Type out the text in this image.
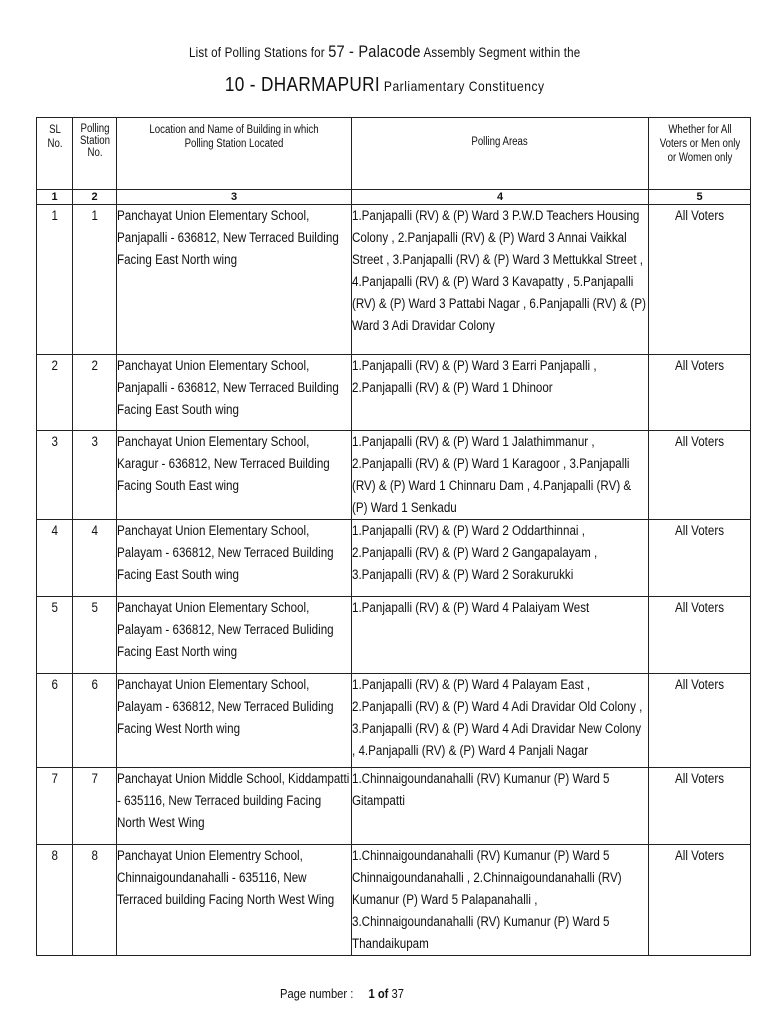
List of Polling Stations for 57 - Palacode Assembly Segment within the
10 - DHARMAPURI Parliamentary Constituency
SL No.	Polling Station No.	Location and Name of Building in which Polling Station Located	Polling Areas	Whether for All Voters or Men only or Women only
1	2	3	4	5
1	1	Panchayat Union Elementary School, Panjapalli - 636812, New Terraced Building Facing East North wing	1.Panjapalli (RV) & (P) Ward 3 P.W.D Teachers Housing Colony , 2.Panjapalli (RV) & (P) Ward 3 Annai Vaikkal Street , 3.Panjapalli (RV) & (P) Ward 3 Mettukkal Street , 4.Panjapalli (RV) & (P) Ward 3 Kavapatty , 5.Panjapalli (RV) & (P) Ward 3 Pattabi Nagar , 6.Panjapalli (RV) & (P) Ward 3 Adi Dravidar Colony	All Voters
2	2	Panchayat Union Elementary School, Panjapalli - 636812, New Terraced Building Facing East South wing	1.Panjapalli (RV) & (P) Ward 3 Earri Panjapalli , 2.Panjapalli (RV) & (P) Ward 1 Dhinoor	All Voters
3	3	Panchayat Union Elementary School, Karagur - 636812, New Terraced Building Facing South East wing	1.Panjapalli (RV) & (P) Ward 1 Jalathimmanur , 2.Panjapalli (RV) & (P) Ward 1 Karagoor , 3.Panjapalli (RV) & (P) Ward 1 Chinnaru Dam , 4.Panjapalli (RV) & (P) Ward 1 Senkadu	All Voters
4	4	Panchayat Union Elementary School, Palayam - 636812, New Terraced Building Facing East South wing	1.Panjapalli (RV) & (P) Ward 2 Oddarthinnai , 2.Panjapalli (RV) & (P) Ward 2 Gangapalayam , 3.Panjapalli (RV) & (P) Ward 2 Sorakurukki	All Voters
5	5	Panchayat Union Elementary School, Palayam - 636812, New Terraced Buliding Facing East North wing	1.Panjapalli (RV) & (P) Ward 4 Palaiyam West	All Voters
6	6	Panchayat Union Elementary School, Palayam - 636812, New Terraced Buliding Facing West North wing	1.Panjapalli (RV) & (P) Ward 4 Palayam East , 2.Panjapalli (RV) & (P) Ward 4 Adi Dravidar Old Colony , 3.Panjapalli (RV) & (P) Ward 4 Adi Dravidar New Colony , 4.Panjapalli (RV) & (P) Ward 4 Panjali Nagar	All Voters
7	7	Panchayat Union Middle School, Kiddampatti - 635116, New Terraced building Facing North West Wing	1.Chinnaigoundanahalli (RV) Kumanur (P) Ward 5 Gitampatti	All Voters
8	8	Panchayat Union Elementry School, Chinnaigoundanahalli - 635116, New Terraced building Facing North West Wing	1.Chinnaigoundanahalli (RV) Kumanur (P) Ward 5 Chinnaigoundanahalli , 2.Chinnaigoundanahalli (RV) Kumanur (P) Ward 5 Palapanahalli , 3.Chinnaigoundanahalli (RV) Kumanur (P) Ward 5 Thandaikupam	All Voters
Page number : 1 of 37
